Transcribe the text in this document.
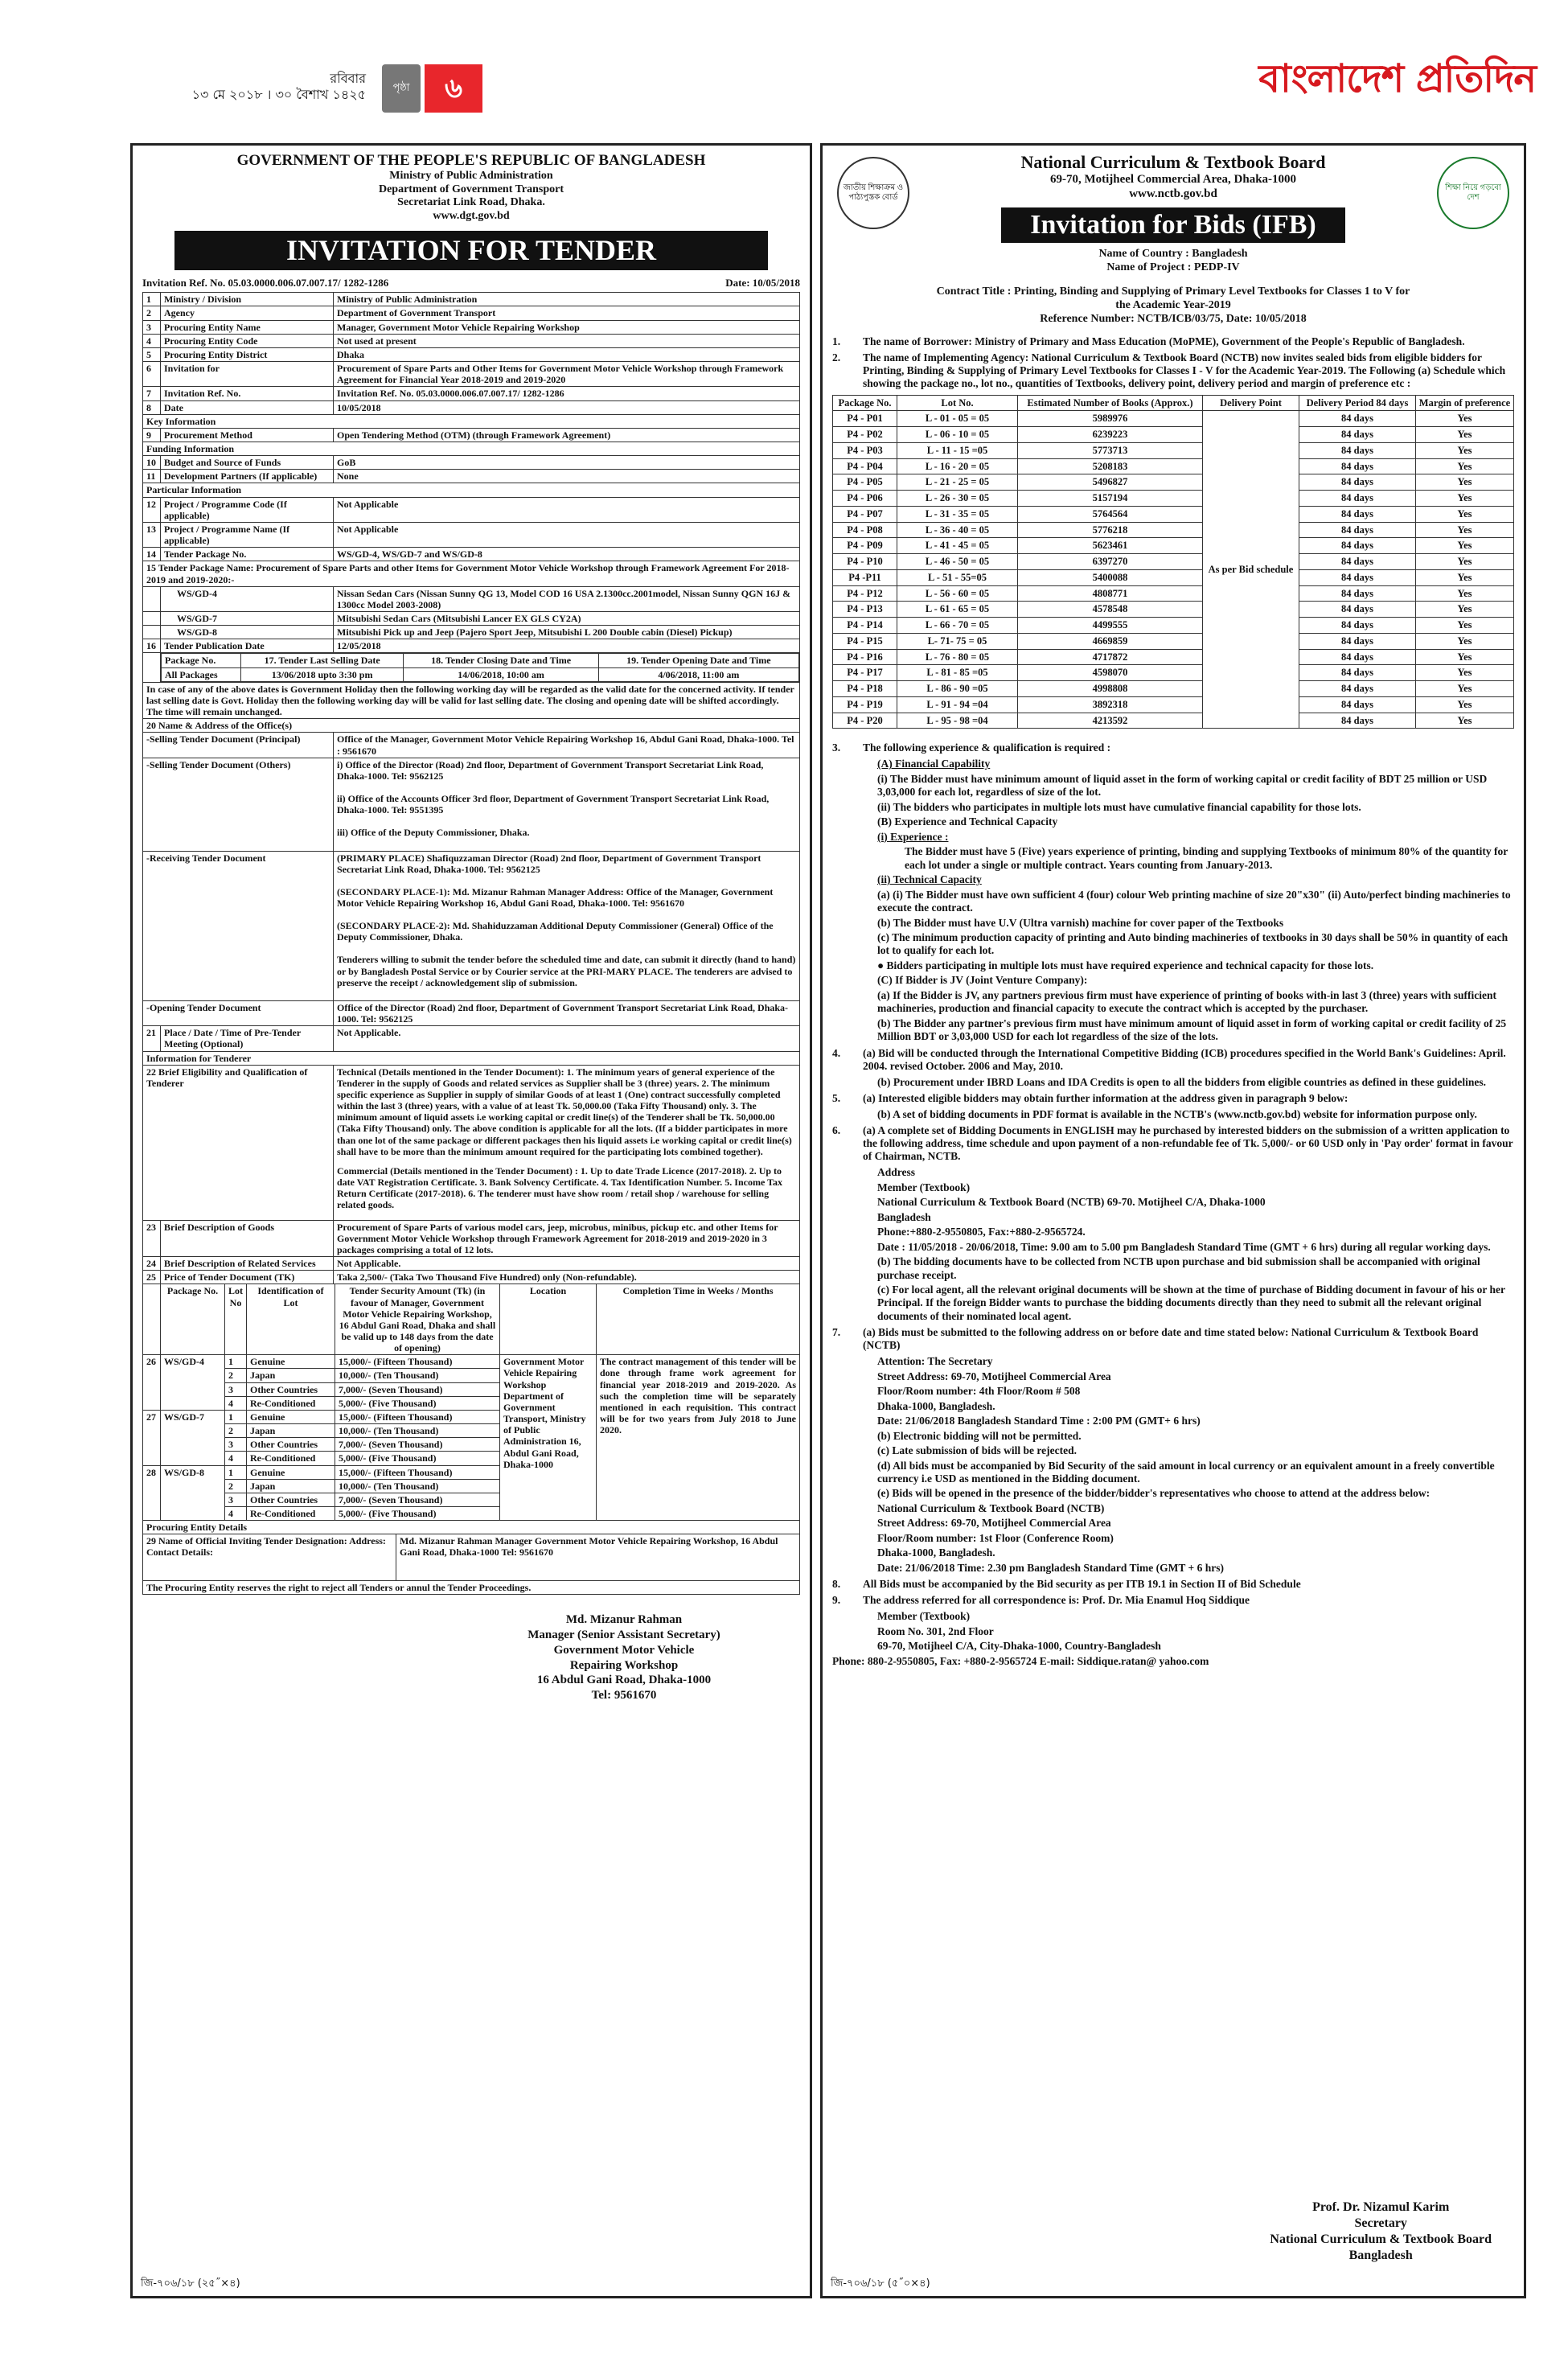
রবিবার
১৩ মে ২০১৮ । ৩০ বৈশাখ ১৪২৫	পৃষ্ঠা	৬	বাংলাদেশ প্রতিদিন
GOVERNMENT OF THE PEOPLE'S REPUBLIC OF BANGLADESH
Ministry of Public Administration
Department of Government Transport
Secretariat Link Road, Dhaka.
www.dgt.gov.bd
INVITATION FOR TENDER
Invitation Ref. No. 05.03.0000.006.07.007.17/ 1282-1286	Date: 10/05/2018
1	Ministry / Division	Ministry of Public Administration
2	Agency	Department of Government Transport
3	Procuring Entity Name	Manager, Government Motor Vehicle Repairing Workshop
4	Procuring Entity Code	Not used at present
5	Procuring Entity District	Dhaka
6	Invitation for	Procurement of Spare Parts and Other Items for Government Motor Vehicle Workshop through Framework Agreement for Financial Year 2018-2019 and 2019-2020
7	Invitation Ref. No.	Invitation Ref. No. 05.03.0000.006.07.007.17/ 1282-1286
8	Date	10/05/2018
Key Information
9	Procurement Method	Open Tendering Method (OTM) (through Framework Agreement)
Funding Information
10	Budget and Source of Funds	GoB
11	Development Partners (If applicable)	None
Particular Information
12	Project / Programme Code (If applicable)	Not Applicable
13	Project / Programme Name (If applicable)	Not Applicable
14	Tender Package No.	WS/GD-4, WS/GD-7 and WS/GD-8
15 Tender Package Name: Procurement of Spare Parts and other Items for Government Motor Vehicle Workshop through Framework Agreement For 2018-2019 and 2019-2020:-
	WS/GD-4	Nissan Sedan Cars (Nissan Sunny QG 13, Model COD 16 USA 2.1300cc.2001model, Nissan Sunny QGN 16J & 1300cc Model 2003-2008)
	WS/GD-7	Mitsubishi Sedan Cars (Mitsubishi Lancer EX GLS CY2A)
	WS/GD-8	Mitsubishi Pick up and Jeep (Pajero Sport Jeep, Mitsubishi L 200 Double cabin (Diesel) Pickup)
16	Tender Publication Date	12/05/2018

Package No.	17. Tender Last Selling Date	18. Tender Closing Date and Time	19. Tender Opening Date and Time
All Packages	13/06/2018 upto 3:30 pm	14/06/2018, 10:00 am	4/06/2018, 11:00 am

In case of any of the above dates is Government Holiday then the following working day will be regarded as the valid date for the concerned activity. If tender last selling date is Govt. Holiday then the following working day will be valid for last selling date. The closing and opening date will be shifted accordingly. The time will remain unchanged.
20 Name & Address of the Office(s)
-Selling Tender Document (Principal)	Office of the Manager, Government Motor Vehicle Repairing Workshop 16, Abdul Gani Road, Dhaka-1000. Tel : 9561670
-Selling Tender Document (Others)	i) Office of the Director (Road) 2nd floor, Department of Government Transport Secretariat Link Road, Dhaka-1000. Tel: 9562125
ii) Office of the Accounts Officer 3rd floor, Department of Government Transport Secretariat Link Road, Dhaka-1000. Tel: 9551395
iii) Office of the Deputy Commissioner, Dhaka.

-Receiving Tender Document	(PRIMARY PLACE) Shafiquzzaman Director (Road) 2nd floor, Department of Government Transport Secretariat Link Road, Dhaka-1000. Tel: 9562125
(SECONDARY PLACE-1): Md. Mizanur Rahman Manager Address: Office of the Manager, Government Motor Vehicle Repairing Workshop 16, Abdul Gani Road, Dhaka-1000. Tel: 9561670
(SECONDARY PLACE-2): Md. Shahiduzzaman Additional Deputy Commissioner (General) Office of the Deputy Commissioner, Dhaka.
Tenderers willing to submit the tender before the scheduled time and date, can submit it directly (hand to hand) or by Bangladesh Postal Service or by Courier service at the PRI-MARY PLACE. The tenderers are advised to preserve the receipt / acknowledgement slip of submission.

-Opening Tender Document	Office of the Director (Road) 2nd floor, Department of Government Transport Secretariat Link Road, Dhaka-1000. Tel: 9562125
21	Place / Date / Time of Pre-Tender Meeting (Optional)	Not Applicable.
Information for Tenderer
22 Brief Eligibility and Qualification of Tenderer	
Technical (Details mentioned in the Tender Document): 1. The minimum years of general experience of the Tenderer in the supply of Goods and related services as Supplier shall be 3 (three) years. 2. The minimum specific experience as Supplier in supply of similar Goods of at least 1 (One) contract successfully completed within the last 3 (three) years, with a value of at least Tk. 50,000.00 (Taka Fifty Thousand) only. 3. The minimum amount of liquid assets i.e working capital or credit line(s) of the Tenderer shall be Tk. 50,000.00 (Taka Fifty Thousand) only. The above condition is applicable for all the lots. (If a bidder participates in more than one lot of the same package or different packages then his liquid assets i.e working capital or credit line(s) shall have to be more than the minimum amount required for the participating lots combined together).
Commercial (Details mentioned in the Tender Document) : 1. Up to date Trade Licence (2017-2018). 2. Up to date VAT Registration Certificate. 3. Bank Solvency Certificate. 4. Tax Identification Number. 5. Income Tax Return Certificate (2017-2018). 6. The tenderer must have show room / retail shop / warehouse for selling related goods.

23	Brief Description of Goods	Procurement of Spare Parts of various model cars, jeep, microbus, minibus, pickup etc. and other Items for Government Motor Vehicle Workshop through Framework Agreement for 2018-2019 and 2019-2020 in 3 packages comprising a total of 12 lots.
24	Brief Description of Related Services	Not Applicable.
25	Price of Tender Document (TK)	Taka 2,500/- (Taka Two Thousand Five Hundred) only (Non-refundable).
	Package No.	Lot No	Identification of Lot	Tender Security Amount (Tk) (in favour of Manager, Government Motor Vehicle Repairing Workshop, 16 Abdul Gani Road, Dhaka and shall be valid up to 148 days from the date of opening)	Location	Completion Time in Weeks / Months
26	WS/GD-4	1	Genuine	15,000/- (Fifteen Thousand)	Government Motor Vehicle Repairing Workshop Department of Government Transport, Ministry of Public Administration 16, Abdul Gani Road, Dhaka-1000	The contract management of this tender will be done through frame work agreement for financial year 2018-2019 and 2019-2020. As such the completion time will be separately mentioned in each requisition. This contract will be for two years from July 2018 to June 2020.
		2	Japan	10,000/- (Ten Thousand)		
		3	Other Countries	7,000/- (Seven Thousand)		
		4	Re-Conditioned	5,000/- (Five Thousand)		
27	WS/GD-7	1	Genuine	15,000/- (Fifteen Thousand)		
		2	Japan	10,000/- (Ten Thousand)		
		3	Other Countries	7,000/- (Seven Thousand)		
		4	Re-Conditioned	5,000/- (Five Thousand)		
28	WS/GD-8	1	Genuine	15,000/- (Fifteen Thousand)		
		2	Japan	10,000/- (Ten Thousand)		
		3	Other Countries	7,000/- (Seven Thousand)		
		4	Re-Conditioned	5,000/- (Five Thousand)		
Procuring Entity Details
29 Name of Official Inviting Tender Designation: Address: Contact Details:	Md. Mizanur Rahman Manager Government Motor Vehicle Repairing Workshop, 16 Abdul Gani Road, Dhaka-1000 Tel: 9561670
The Procuring Entity reserves the right to reject all Tenders or annul the Tender Proceedings.
Md. Mizanur Rahman
Manager (Senior Assistant Secretary)
Government Motor Vehicle
Repairing Workshop
16 Abdul Gani Road, Dhaka-1000
Tel: 9561670
জি-৭০৬/১৮ (২৫˝×৪)
জাতীয় শিক্ষাক্রম ও পাঠ্যপুস্তক বোর্ড
শিক্ষা নিয়ে গড়বো দেশ
National Curriculum & Textbook Board
69-70, Motijheel Commercial Area, Dhaka-1000
www.nctb.gov.bd
Invitation for Bids (IFB)
Name of Country : Bangladesh
Name of Project : PEDP-IV
Contract Title : Printing, Binding and Supplying of Primary Level Textbooks for Classes 1 to V for the Academic Year-2019
Reference Number: NCTB/ICB/03/75, Date: 10/05/2018
1.	The name of Borrower: Ministry of Primary and Mass Education (MoPME), Government of the People's Republic of Bangladesh.
2.	The name of Implementing Agency: National Curriculum & Textbook Board (NCTB) now invites sealed bids from eligible bidders for Printing, Binding & Supplying of Primary Level Textbooks for Classes I - V for the Academic Year-2019. The Following (a) Schedule which showing the package no., lot no., quantities of Textbooks, delivery point, delivery period and margin of preference etc :
Package No.	Lot No.	Estimated Number of Books (Approx.)	Delivery Point	Delivery Period 84 days	Margin of preference
P4 - P01	L - 01 - 05 = 05	5989976	As per Bid schedule	84 days	Yes
P4 - P02	L - 06 - 10 = 05	6239223		84 days	Yes
P4 - P03	L - 11 - 15 =05	5773713		84 days	Yes
P4 - P04	L - 16 - 20 = 05	5208183		84 days	Yes
P4 - P05	L - 21 - 25 = 05	5496827		84 days	Yes
P4 - P06	L - 26 - 30 = 05	5157194		84 days	Yes
P4 - P07	L - 31 - 35 = 05	5764564		84 days	Yes
P4 - P08	L - 36 - 40 = 05	5776218		84 days	Yes
P4 - P09	L - 41 - 45 = 05	5623461		84 days	Yes
P4 - P10	L - 46 - 50 = 05	6397270		84 days	Yes
P4 -P11	L - 51 - 55=05	5400088		84 days	Yes
P4 - P12	L - 56 - 60 = 05	4808771		84 days	Yes
P4 - P13	L - 61 - 65 = 05	4578548		84 days	Yes
P4 - P14	L - 66 - 70 = 05	4499555		84 days	Yes
P4 - P15	L- 71- 75 = 05	4669859		84 days	Yes
P4 - P16	L - 76 - 80 = 05	4717872		84 days	Yes
P4 - P17	L - 81 - 85 =05	4598070		84 days	Yes
P4 - P18	L - 86 - 90 =05	4998808		84 days	Yes
P4 - P19	L - 91 - 94 =04	3892318		84 days	Yes
P4 - P20	L - 95 - 98 =04	4213592		84 days	Yes
3.	The following experience & qualification is required :

(A) Financial Capability

(i) The Bidder must have minimum amount of liquid asset in the form of working capital or credit facility of BDT 25 million or USD 3,03,000 for each lot, regardless of size of the lot.

(ii) The bidders who participates in multiple lots must have cumulative financial capability for those lots.

(B) Experience and Technical Capacity

(i) Experience :

The Bidder must have 5 (Five) years experience of printing, binding and supplying Textbooks of minimum 80% of the quantity for each lot under a single or multiple contract. Years counting from January-2013.

(ii) Technical Capacity

(a) (i) The Bidder must have own sufficient 4 (four) colour Web printing machine of size 20"x30" (ii) Auto/perfect binding machineries to execute the contract.

(b) The Bidder must have U.V (Ultra varnish) machine for cover paper of the Textbooks

(c) The minimum production capacity of printing and Auto binding machineries of textbooks in 30 days shall be 50% in quantity of each lot to qualify for each lot.

● Bidders participating in multiple lots must have required experience and technical capacity for those lots.

(C) If Bidder is JV (Joint Venture Company):

(a) If the Bidder is JV, any partners previous firm must have experience of printing of books with-in last 3 (three) years with sufficient machineries, production and financial capacity to execute the contract which is accepted by the purchaser.

(b) The Bidder any partner's previous firm must have minimum amount of liquid asset in form of working capital or credit facility of 25 Million BDT or 3,03,000 USD for each lot regardless of the size of the lots.

4.	(a) Bid will be conducted through the International Competitive Bidding (ICB) procedures specified in the World Bank's Guidelines: April. 2004. revised October. 2006 and May, 2010.

(b) Procurement under IBRD Loans and IDA Credits is open to all the bidders from eligible countries as defined in these guidelines.

5.	(a) Interested eligible bidders may obtain further information at the address given in paragraph 9 below:

(b) A set of bidding documents in PDF format is available in the NCTB's (www.nctb.gov.bd) website for information purpose only.

6.	(a) A complete set of Bidding Documents in ENGLISH may he purchased by interested bidders on the submission of a written application to the following address, time schedule and upon payment of a non-refundable fee of Tk. 5,000/- or 60 USD only in 'Pay order' format in favour of Chairman, NCTB.

Address

Member (Textbook)

National Curriculum & Textbook Board (NCTB) 69-70. Motijheel C/A, Dhaka-1000

Bangladesh

Phone:+880-2-9550805, Fax:+880-2-9565724.

Date : 11/05/2018 - 20/06/2018, Time: 9.00 am to 5.00 pm Bangladesh Standard Time (GMT + 6 hrs) during all regular working days.

(b) The bidding documents have to be collected from NCTB upon purchase and bid submission shall be accompanied with original purchase receipt.

(c) For local agent, all the relevant original documents will be shown at the time of purchase of Bidding document in favour of his or her Principal. If the foreign Bidder wants to purchase the bidding documents directly than they need to submit all the relevant original documents of their nominated local agent.

7.	(a) Bids must be submitted to the following address on or before date and time stated below: National Curriculum & Textbook Board (NCTB)

Attention: The Secretary

Street Address: 69-70, Motijheel Commercial Area

Floor/Room number: 4th Floor/Room # 508

Dhaka-1000, Bangladesh.

Date: 21/06/2018 Bangladesh Standard Time : 2:00 PM (GMT+ 6 hrs)

(b) Electronic bidding will not be permitted.

(c) Late submission of bids will be rejected.

(d) All bids must be accompanied by Bid Security of the said amount in local currency or an equivalent amount in a freely convertible currency i.e USD as mentioned in the Bidding document.

(e) Bids will be opened in the presence of the bidder/bidder's representatives who choose to attend at the address below:

National Curriculum & Textbook Board (NCTB)

Street Address: 69-70, Motijheel Commercial Area

Floor/Room number: 1st Floor (Conference Room)

Dhaka-1000, Bangladesh.

Date: 21/06/2018 Time: 2.30 pm Bangladesh Standard Time (GMT + 6 hrs)

8.	All Bids must be accompanied by the Bid security as per ITB 19.1 in Section II of Bid Schedule
9.	The address referred for all correspondence is: Prof. Dr. Mia Enamul Hoq Siddique

Member (Textbook)

Room No. 301, 2nd Floor

69-70, Motijheel C/A, City-Dhaka-1000, Country-Bangladesh

Phone: 880-2-9550805, Fax: +880-2-9565724 E-mail: Siddique.ratan@ yahoo.com

Prof. Dr. Nizamul Karim
Secretary
National Curriculum & Textbook Board
Bangladesh
জি-৭০৬/১৮ (৫˝০×৪)
